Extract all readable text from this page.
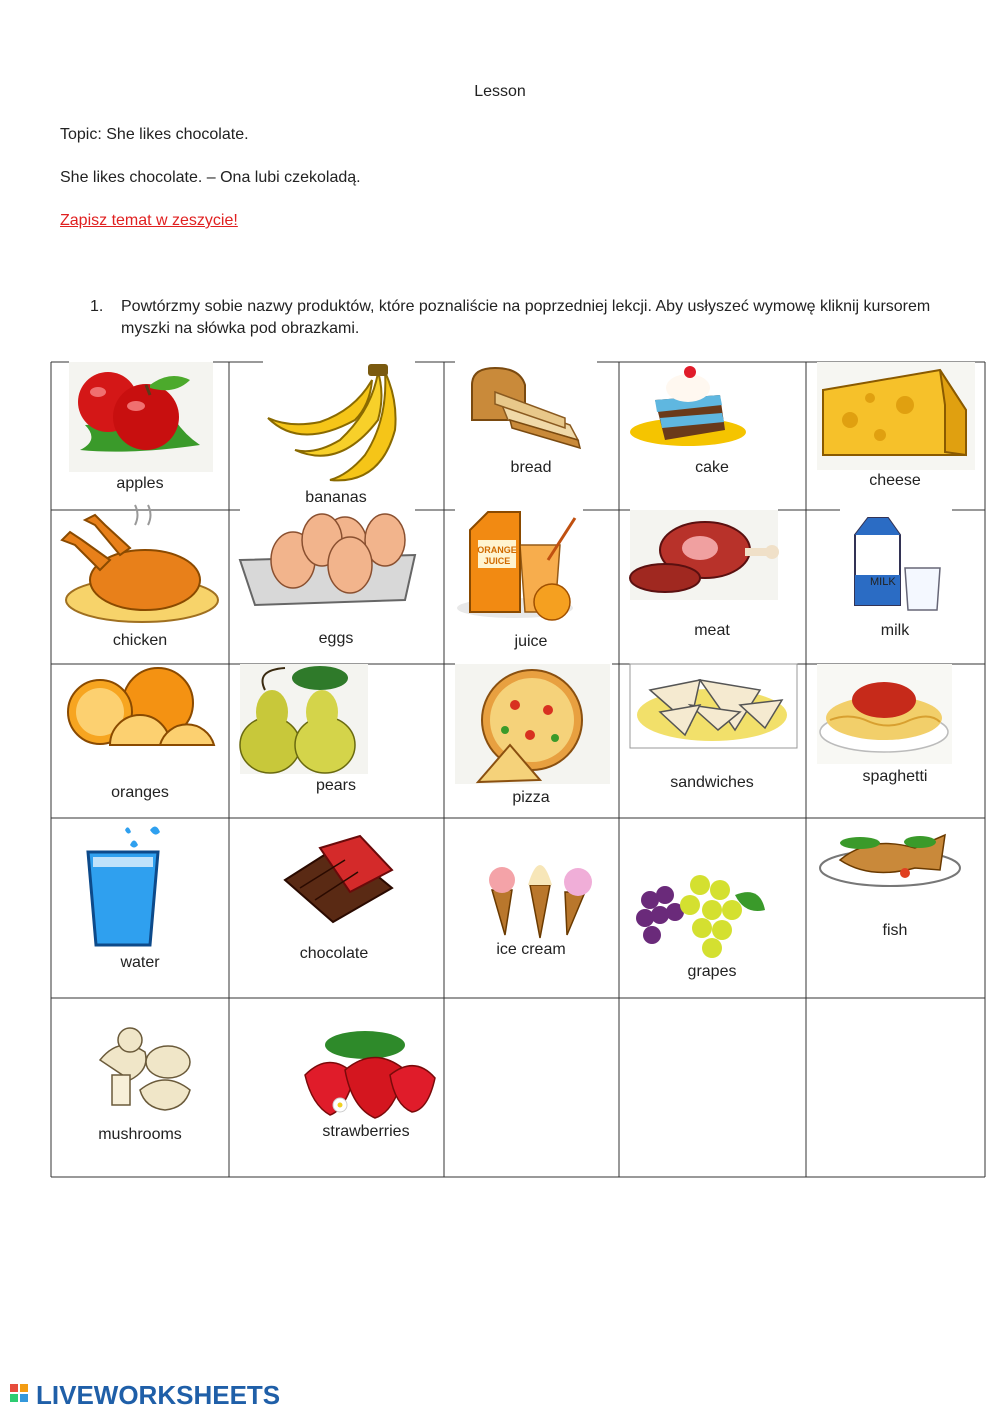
Lesson
Topic: She likes chocolate.
She likes chocolate. – Ona lubi czekoladą.
Zapisz temat w zeszycie!
1. Powtórzmy sobie nazwy produktów, które poznaliście na poprzedniej lekcji. Aby usłyszeć wymowę kliknij kursorem myszki na słówka pod obrazkami.
ORANGE
JUICE
MILK
apples
bananas
bread	cake
cheese
chicken	eggs	juice
meat	milk
oranges	pears
pizza
sandwiches	spaghetti
water
chocolate	ice cream
grapes
fish
mushrooms	strawberries
LIVEWORKSHEETS
